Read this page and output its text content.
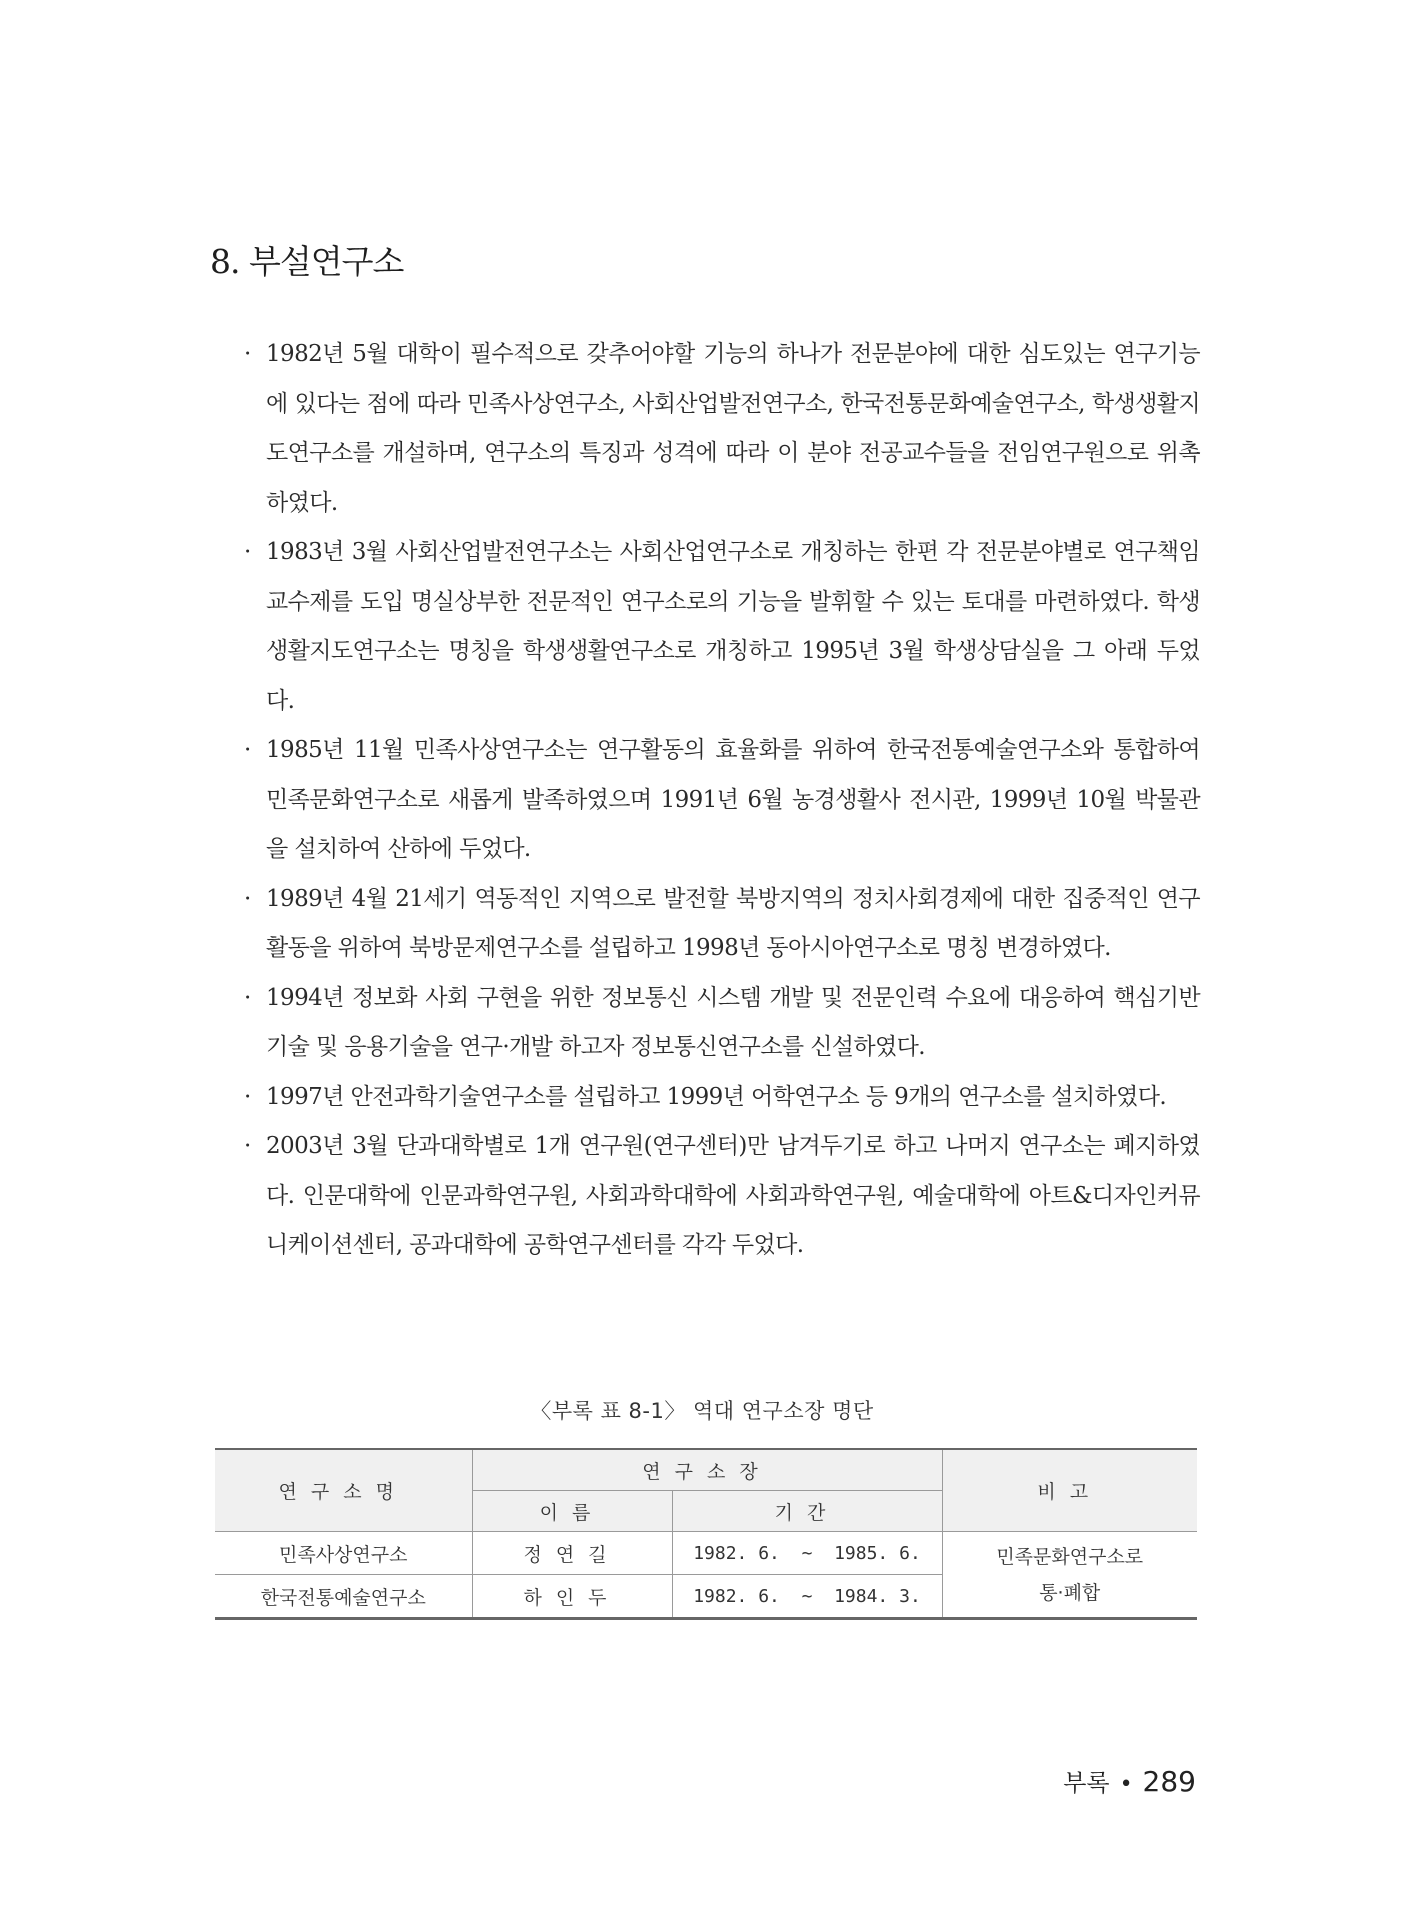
8. 부설연구소
· 1982년 5월 대학이 필수적으로 갖추어야할 기능의 하나가 전문분야에 대한 심도있는 연구기능에 있다는 점에 따라 민족사상연구소, 사회산업발전연구소, 한국전통문화예술연구소, 학생생활지도연구소를 개설하며, 연구소의 특징과 성격에 따라 이 분야 전공교수들을 전임연구원으로 위촉하였다.
· 1983년 3월 사회산업발전연구소는 사회산업연구소로 개칭하는 한편 각 전문분야별로 연구책임교수제를 도입 명실상부한 전문적인 연구소로의 기능을 발휘할 수 있는 토대를 마련하였다. 학생생활지도연구소는 명칭을 학생생활연구소로 개칭하고 1995년 3월 학생상담실을 그 아래 두었다.
· 1985년 11월 민족사상연구소는 연구활동의 효율화를 위하여 한국전통예술연구소와 통합하여 민족문화연구소로 새롭게 발족하였으며 1991년 6월 농경생활사 전시관, 1999년 10월 박물관을 설치하여 산하에 두었다.
· 1989년 4월 21세기 역동적인 지역으로 발전할 북방지역의 정치사회경제에 대한 집중적인 연구활동을 위하여 북방문제연구소를 설립하고 1998년 동아시아연구소로 명칭 변경하였다.
· 1994년 정보화 사회 구현을 위한 정보통신 시스템 개발 및 전문인력 수요에 대응하여 핵심기반 기술 및 응용기술을 연구·개발 하고자 정보통신연구소를 신설하였다.
· 1997년 안전과학기술연구소를 설립하고 1999년 어학연구소 등 9개의 연구소를 설치하였다.
· 2003년 3월 단과대학별로 1개 연구원(연구센터)만 남겨두기로 하고 나머지 연구소는 폐지하였다. 인문대학에 인문과학연구원, 사회과학대학에 사회과학연구원, 예술대학에 아트&디자인커뮤니케이션센터, 공과대학에 공학연구센터를 각각 두었다.
〈부록 표 8-1〉 역대 연구소장 명단
연구소명	연구소장		비고
	이름	기간	
민족사상연구소	정연길	1982. 6.  ~  1985. 6.	민족문화연구소로
통·폐합

한국전통예술연구소	하인두	1982. 6.  ~  1984. 3.	
부록 • 289
